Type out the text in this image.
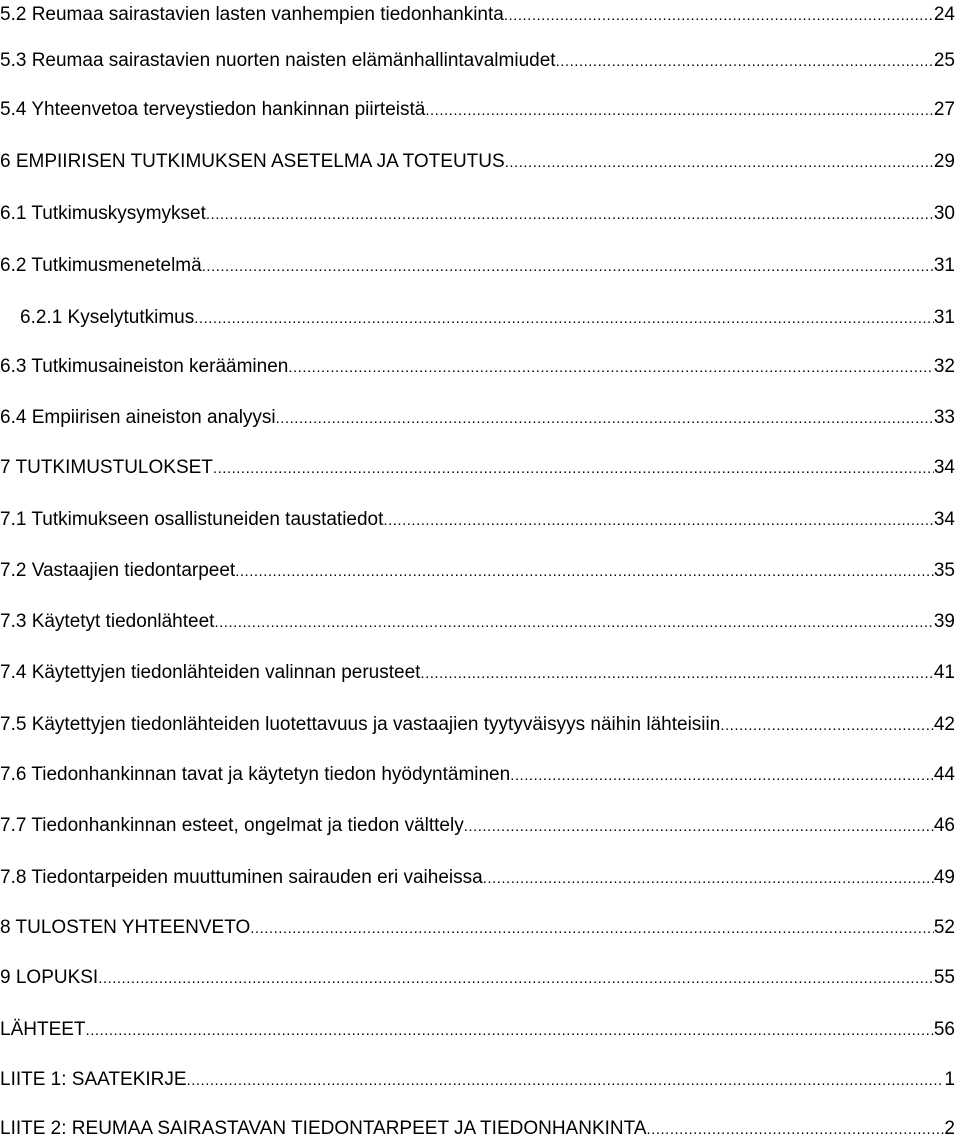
5.2 Reumaa sairastavien lasten vanhempien tiedonhankinta .....	24
5.3 Reumaa sairastavien nuorten naisten elämänhallintavalmiudet .....	25
5.4 Yhteenvetoa terveystiedon hankinnan piirteistä .....	27
6 EMPIIRISEN TUTKIMUKSEN ASETELMA JA TOTEUTUS .....	29
6.1 Tutkimuskysymykset .....	30
6.2 Tutkimusmenetelmä .....	31
6.2.1 Kyselytutkimus .....	31
6.3 Tutkimusaineiston kerääminen .....	32
6.4 Empiirisen aineiston analyysi .....	33
7 TUTKIMUSTULOKSET .....	34
7.1 Tutkimukseen osallistuneiden taustatiedot .....	34
7.2 Vastaajien tiedontarpeet .....	35
7.3 Käytetyt tiedonlähteet .....	39
7.4 Käytettyjen tiedonlähteiden valinnan perusteet .....	41
7.5 Käytettyjen tiedonlähteiden luotettavuus ja vastaajien tyytyväisyys näihin lähteisiin .....	42
7.6 Tiedonhankinnan tavat ja käytetyn tiedon hyödyntäminen .....	44
7.7 Tiedonhankinnan esteet, ongelmat ja tiedon välttely .....	46
7.8 Tiedontarpeiden muuttuminen sairauden eri vaiheissa .....	49
8 TULOSTEN YHTEENVETO .....	52
9 LOPUKSI .....	55
LÄHTEET .....	56
LIITE 1: SAATEKIRJE .....	1
LIITE 2: REUMAA SAIRASTAVAN TIEDONTARPEET JA TIEDONHANKINTA .....	2
